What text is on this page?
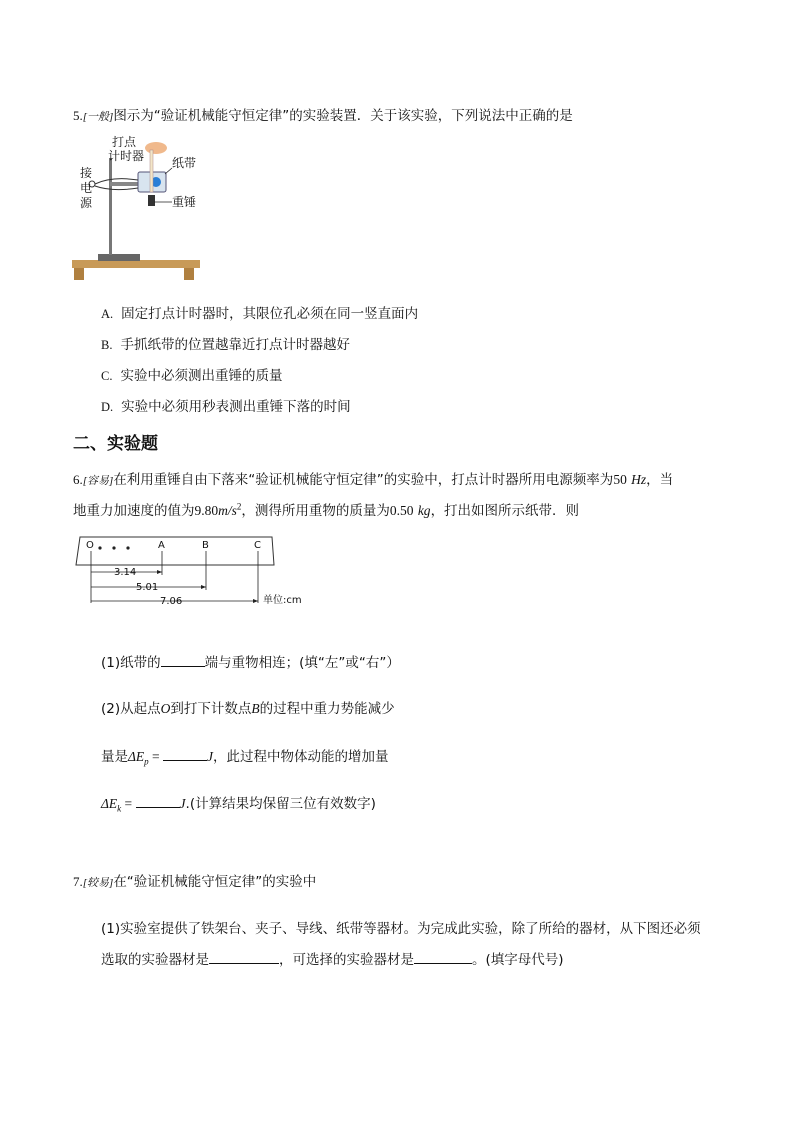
5.[一般]图示为“验证机械能守恒定律”的实验装置．关于该实验，下列说法中正确的是
打点
计时器 纸带
接
电
源	重锤
A. 固定打点计时器时，其限位孔必须在同一竖直面内
B. 手抓纸带的位置越靠近打点计时器越好
C. 实验中必须测出重锤的质量
D. 实验中必须用秒表测出重锤下落的时间
二、实验题
6.[容易]在利用重锤自由下落来“验证机械能守恒定律”的实验中，打点计时器所用电源频率为50 Hz，当
地重力加速度的值为$9.80m/s^2$，测得所用重物的质量为0.50 kg，打出如图所示纸带．则
O	A	B	C
3.14
5.01
7.06	单位:cm
(1)纸带的	端与重物相连；(填“左”或“右”）
(2)从起点O到打下计数点B的过程中重力势能减少
量是$\Delta E_p$ =	J，此过程中物体动能的增加量
$\Delta E_k$ =	J.(计算结果均保留三位有效数字)
7.[较易]在“验证机械能守恒定律”的实验中
(1)实验室提供了铁架台、夹子、导线、纸带等器材。为完成此实验，除了所给的器材，从下图还必须
选取的实验器材是	，可选择的实验器材是	。(填字母代号)
